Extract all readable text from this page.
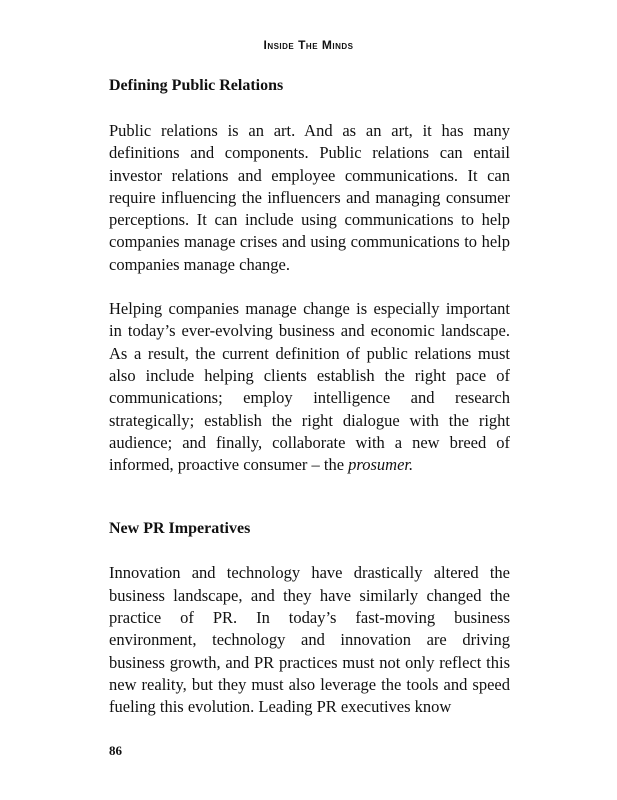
Inside The Minds
Defining Public Relations

Public relations is an art. And as an art, it has many definitions and components. Public relations can entail investor relations and employee communications. It can require influencing the influencers and managing consumer perceptions. It can include using communications to help companies manage crises and using communications to help companies manage change.

Helping companies manage change is especially important in today’s ever-evolving business and economic landscape. As a result, the current definition of public relations must also include helping clients establish the right pace of communications; employ intelligence and research strategically; establish the right dialogue with the right audience; and finally, collaborate with a new breed of informed, proactive consumer – the prosumer.

New PR Imperatives

Innovation and technology have drastically altered the business landscape, and they have similarly changed the practice of PR. In today’s fast-moving business environment, technology and innovation are driving business growth, and PR practices must not only reflect this new reality, but they must also leverage the tools and speed fueling this evolution. Leading PR executives know

86
